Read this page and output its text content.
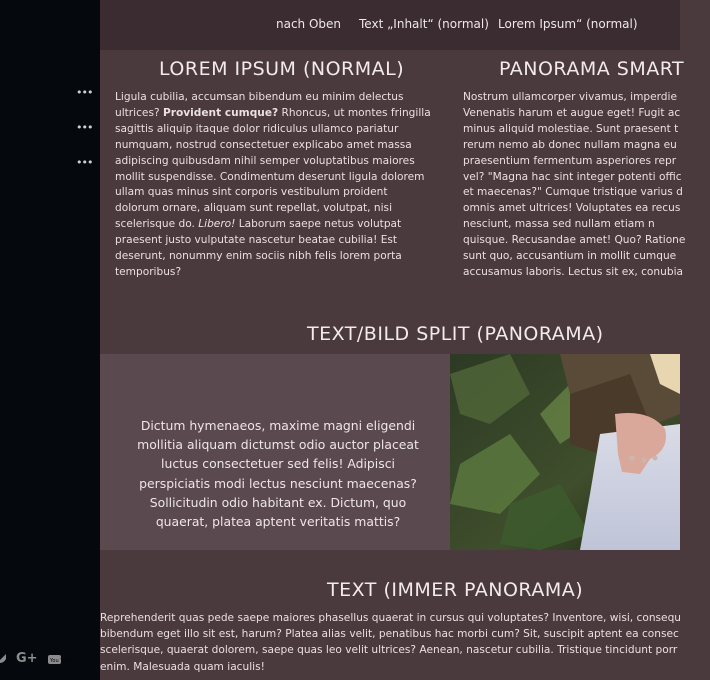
•••
•••
•••
G+ You Tube
nach Oben Text „Inhalt“ (normal) Lorem Ipsum“ (normal)
LOREM IPSUM (NORMAL)
Ligula cubilia, accumsan bibendum eu minim delectus
ultrices? Provident cumque? Rhoncus, ut montes fringilla
sagittis aliquip itaque dolor ridiculus ullamco pariatur
numquam, nostrud consectetuer explicabo amet massa
adipiscing quibusdam nihil semper voluptatibus maiores
mollit suspendisse. Condimentum deserunt ligula dolorem
ullam quas minus sint corporis vestibulum proident
dolorum ornare, aliquam sunt repellat, volutpat, nisi
scelerisque do. Libero! Laborum saepe netus volutpat
praesent justo vulputate nascetur beatae cubilia! Est
deserunt, nonummy enim sociis nibh felis lorem porta
temporibus?
PANORAMA SMART
Nostrum ullamcorper vivamus, imperdie
Venenatis harum et augue eget! Fugit ac
minus aliquid molestiae. Sunt praesent t
rerum nemo ab donec nullam magna eu
praesentium fermentum asperiores repr
vel? "Magna hac sint integer potenti offic
et maecenas?" Cumque tristique varius d
omnis amet ultrices! Voluptates ea recus
nesciunt, massa sed nullam etiam n
quisque. Recusandae amet! Quo? Ratione
sunt quo, accusantium in mollit cumque
accusamus laboris. Lectus sit ex, conubia
TEXT/BILD SPLIT (PANORAMA)
Dictum hymenaeos, maxime magni eligendi
mollitia aliquam dictumst odio auctor placeat
luctus consectetuer sed felis! Adipisci
perspiciatis modi lectus nesciunt maecenas?
Sollicitudin odio habitant ex. Dictum, quo
quaerat, platea aptent veritatis mattis?
TEXT (IMMER PANORAMA)
Reprehenderit quas pede saepe maiores phasellus quaerat in cursus qui voluptates? Inventore, wisi, consequ
bibendum eget illo sit est, harum? Platea alias velit, penatibus hac morbi cum? Sit, suscipit aptent ea consec
scelerisque, quaerat dolorem, saepe quas leo velit ultrices? Aenean, nascetur cubilia. Tristique tincidunt porr
enim. Malesuada quam iaculis!
